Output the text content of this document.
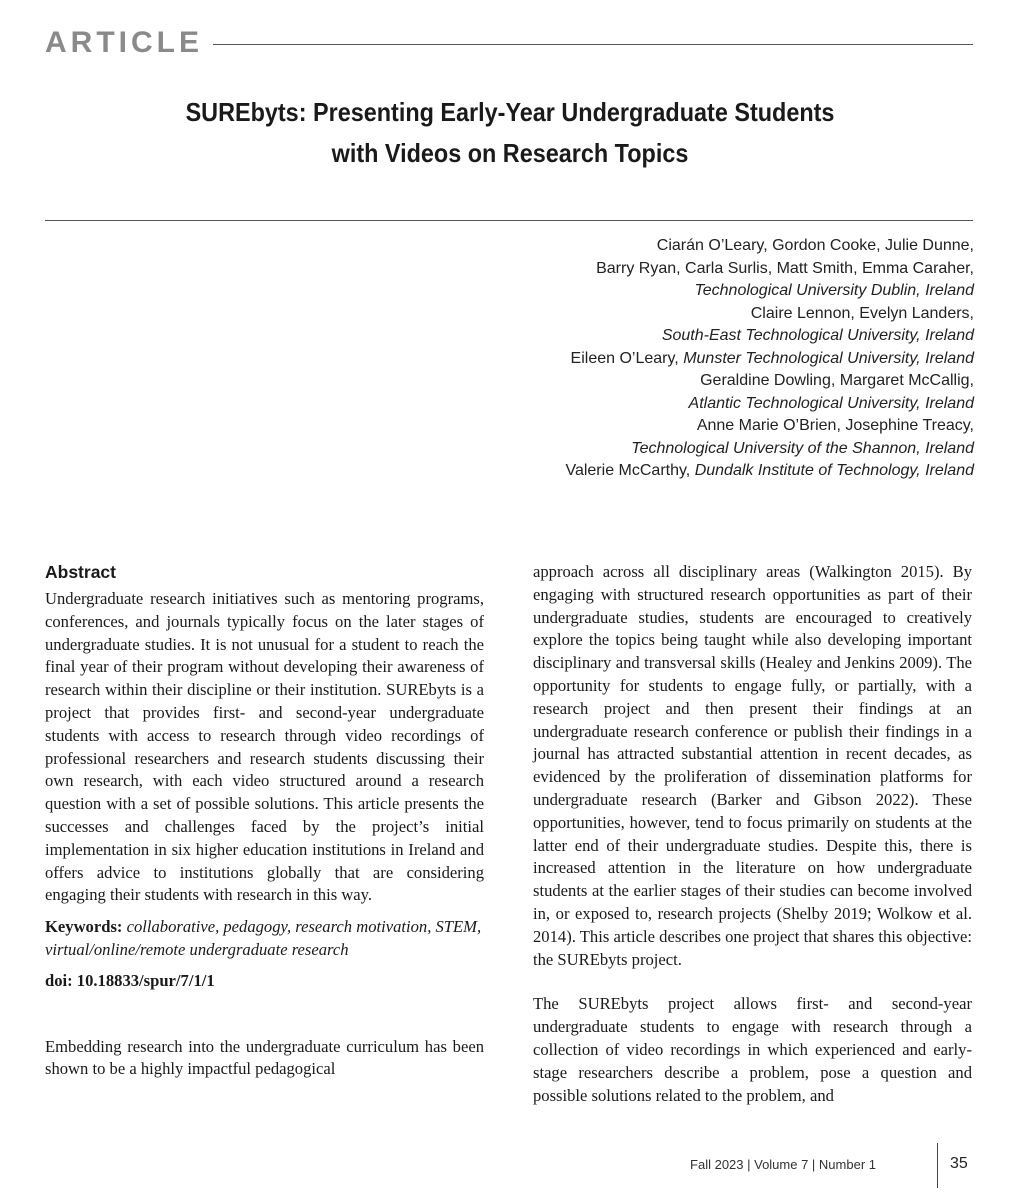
ARTICLE
SUREbyts: Presenting Early-Year Undergraduate Students
with Videos on Research Topics
Ciarán O’Leary, Gordon Cooke, Julie Dunne,
Barry Ryan, Carla Surlis, Matt Smith, Emma Caraher,
Technological University Dublin, Ireland
Claire Lennon, Evelyn Landers,
South-East Technological University, Ireland
Eileen O’Leary, Munster Technological University, Ireland
Geraldine Dowling, Margaret McCallig,
Atlantic Technological University, Ireland
Anne Marie O’Brien, Josephine Treacy,
Technological University of the Shannon, Ireland
Valerie McCarthy, Dundalk Institute of Technology, Ireland
Abstract

Undergraduate research initiatives such as mentoring programs, conferences, and journals typically focus on the later stages of undergraduate studies. It is not unusual for a student to reach the final year of their program without developing their awareness of research within their discipline or their institution. SUREbyts is a project that provides first- and second-year undergraduate students with access to research through video recordings of professional researchers and research students discussing their own research, with each video structured around a research question with a set of possible solutions. This article presents the successes and challenges faced by the project’s initial implementation in six higher education institutions in Ireland and offers advice to institutions globally that are considering engaging their students with research in this way.

Keywords: collaborative, pedagogy, research motivation, STEM, virtual/online/remote undergraduate research
doi: 10.18833/spur/7/1/1

Embedding research into the undergraduate curriculum has been shown to be a highly impactful pedagogical

approach across all disciplinary areas (Walkington 2015). By engaging with structured research opportunities as part of their undergraduate studies, students are encouraged to creatively explore the topics being taught while also developing important disciplinary and transversal skills (Healey and Jenkins 2009). The opportunity for students to engage fully, or partially, with a research project and then present their findings at an undergraduate research conference or publish their findings in a journal has attracted substantial attention in recent decades, as evidenced by the proliferation of dissemination platforms for undergraduate research (Barker and Gibson 2022). These opportunities, however, tend to focus primarily on students at the latter end of their undergraduate studies. Despite this, there is increased attention in the literature on how undergraduate students at the earlier stages of their studies can become involved in, or exposed to, research projects (Shelby 2019; Wolkow et al. 2014). This article describes one project that shares this objective: the SUREbyts project.

The SUREbyts project allows first- and second-year undergraduate students to engage with research through a collection of video recordings in which experienced and early-stage researchers describe a problem, pose a question and possible solutions related to the problem, and

Fall 2023 | Volume 7 | Number 1	35
